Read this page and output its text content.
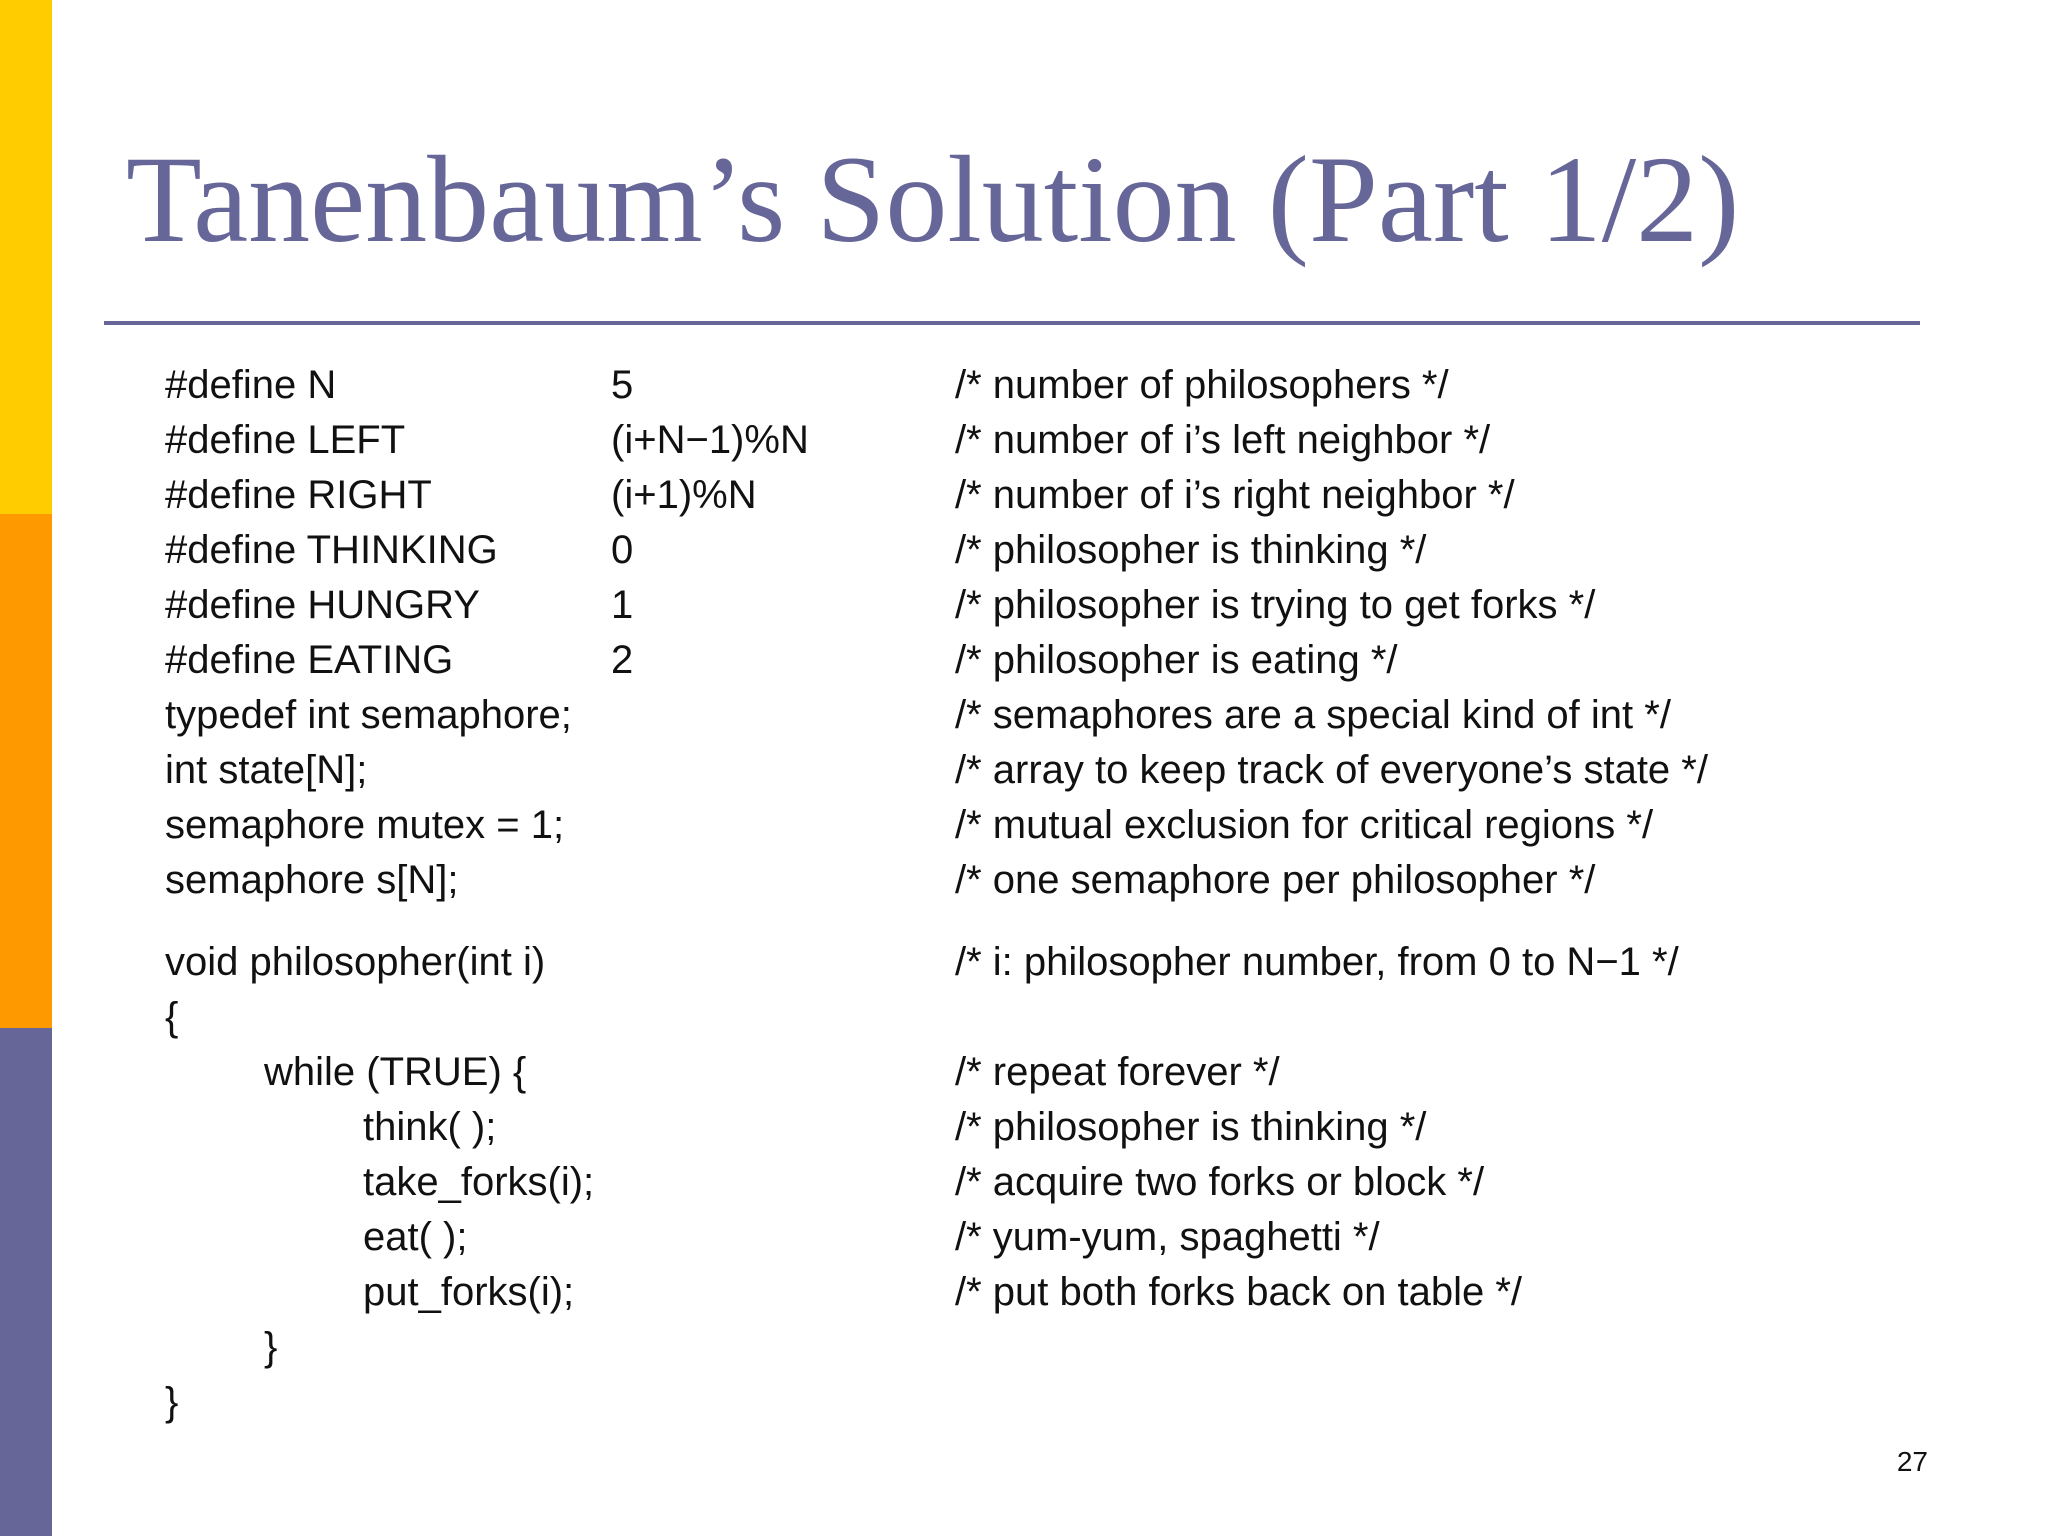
Tanenbaum’s Solution (Part 1/2)
#define N	5	/* number of philosophers */
#define LEFT	(i+N−1)%N	/* number of i’s left neighbor */
#define RIGHT	(i+1)%N	/* number of i’s right neighbor */
#define THINKING	0	/* philosopher is thinking */
#define HUNGRY	1	/* philosopher is trying to get forks */
#define EATING	2	/* philosopher is eating */
typedef int semaphore;	/* semaphores are a special kind of int */
int state[N];	/* array to keep track of everyone’s state */
semaphore mutex = 1;	/* mutual exclusion for critical regions */
semaphore s[N];	/* one semaphore per philosopher */
void philosopher(int i)	/* i: philosopher number, from 0 to N−1 */
{
while (TRUE) {	/* repeat forever */
think( );	/* philosopher is thinking */
take_forks(i);	/* acquire two forks or block */
eat( );	/* yum-yum, spaghetti */
put_forks(i);	/* put both forks back on table */
}
}
27
